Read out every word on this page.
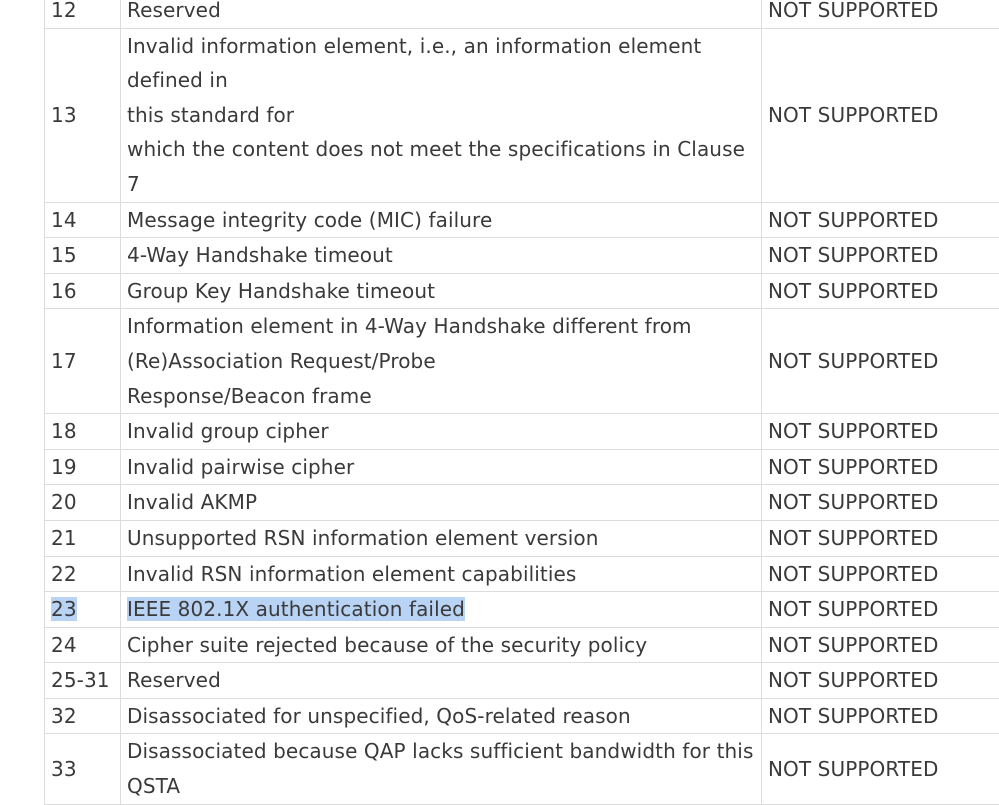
12	Reserved	NOT SUPPORTED
13	Invalid information element, i.e., an information element defined in
this standard for
which the content does not meet the specifications in Clause 7	NOT SUPPORTED
14	Message integrity code (MIC) failure	NOT SUPPORTED
15	4-Way Handshake timeout	NOT SUPPORTED
16	Group Key Handshake timeout	NOT SUPPORTED
17	Information element in 4-Way Handshake different from
(Re)Association Request/Probe
Response/Beacon frame	NOT SUPPORTED
18	Invalid group cipher	NOT SUPPORTED
19	Invalid pairwise cipher	NOT SUPPORTED
20	Invalid AKMP	NOT SUPPORTED
21	Unsupported RSN information element version	NOT SUPPORTED
22	Invalid RSN information element capabilities	NOT SUPPORTED
23	IEEE 802.1X authentication failed	NOT SUPPORTED
24	Cipher suite rejected because of the security policy	NOT SUPPORTED
25-31	Reserved	NOT SUPPORTED
32	Disassociated for unspecified, QoS-related reason	NOT SUPPORTED
33	Disassociated because QAP lacks sufficient bandwidth for this
QSTA	NOT SUPPORTED
